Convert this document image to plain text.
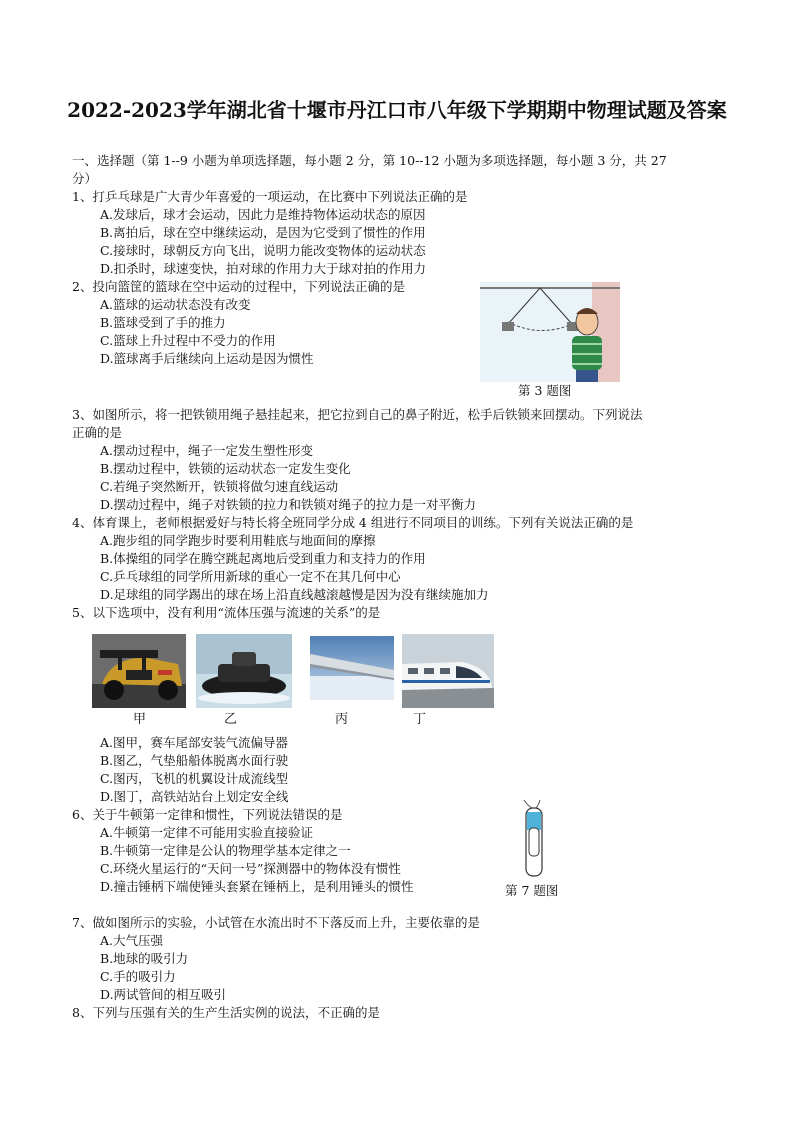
2022-2023学年湖北省十堰市丹江口市八年级下学期期中物理试题及答案
一、选择题（第 1--9 小题为单项选择题，每小题 2 分，第 10--12 小题为多项选择题，每小题 3 分，共 27
分）
1、打乒乓球是广大青少年喜爱的一项运动，在比赛中下列说法正确的是
A.发球后，球才会运动，因此力是维持物体运动状态的原因
B.离拍后，球在空中继续运动，是因为它受到了惯性的作用
C.接球时，球朝反方向飞出，说明力能改变物体的运动状态
D.扣杀时，球速变快，拍对球的作用力大于球对拍的作用力
2、投向篮筐的篮球在空中运动的过程中，下列说法正确的是
A.篮球的运动状态没有改变
B.篮球受到了手的推力
C.篮球上升过程中不受力的作用
D.篮球离手后继续向上运动是因为惯性
第 3 题图
3、如图所示，将一把铁锁用绳子悬挂起来，把它拉到自己的鼻子附近，松手后铁锁来回摆动。下列说法
正确的是
A.摆动过程中，绳子一定发生塑性形变
B.摆动过程中，铁锁的运动状态一定发生变化
C.若绳子突然断开，铁锁将做匀速直线运动
D.摆动过程中，绳子对铁锁的拉力和铁锁对绳子的拉力是一对平衡力
4、体育课上，老师根据爱好与特长将全班同学分成 4 组进行不同项目的训练。下列有关说法正确的是
A.跑步组的同学跑步时要利用鞋底与地面间的摩擦
B.体操组的同学在腾空跳起离地后受到重力和支持力的作用
C.乒乓球组的同学所用新球的重心一定不在其几何中心
D.足球组的同学踢出的球在场上沿直线越滚越慢是因为没有继续施加力
5、以下选项中，没有利用“流体压强与流速的关系”的是
甲	乙	丙	丁
A.图甲，赛车尾部安装气流偏导器
B.图乙，气垫船船体脱离水面行驶
C.图丙，飞机的机翼设计成流线型
D.图丁，高铁站站台上划定安全线
6、关于牛顿第一定律和惯性，下列说法错误的是
A.牛顿第一定律不可能用实验直接验证
B.牛顿第一定律是公认的物理学基本定律之一
C.环绕火星运行的“天问一号”探测器中的物体没有惯性
D.撞击锤柄下端使锤头套紧在锤柄上，是利用锤头的惯性	第 7 题图
7、做如图所示的实验，小试管在水流出时不下落反而上升，主要依靠的是
A.大气压强
B.地球的吸引力
C.手的吸引力
D.两试管间的相互吸引
8、下列与压强有关的生产生活实例的说法，不正确的是
